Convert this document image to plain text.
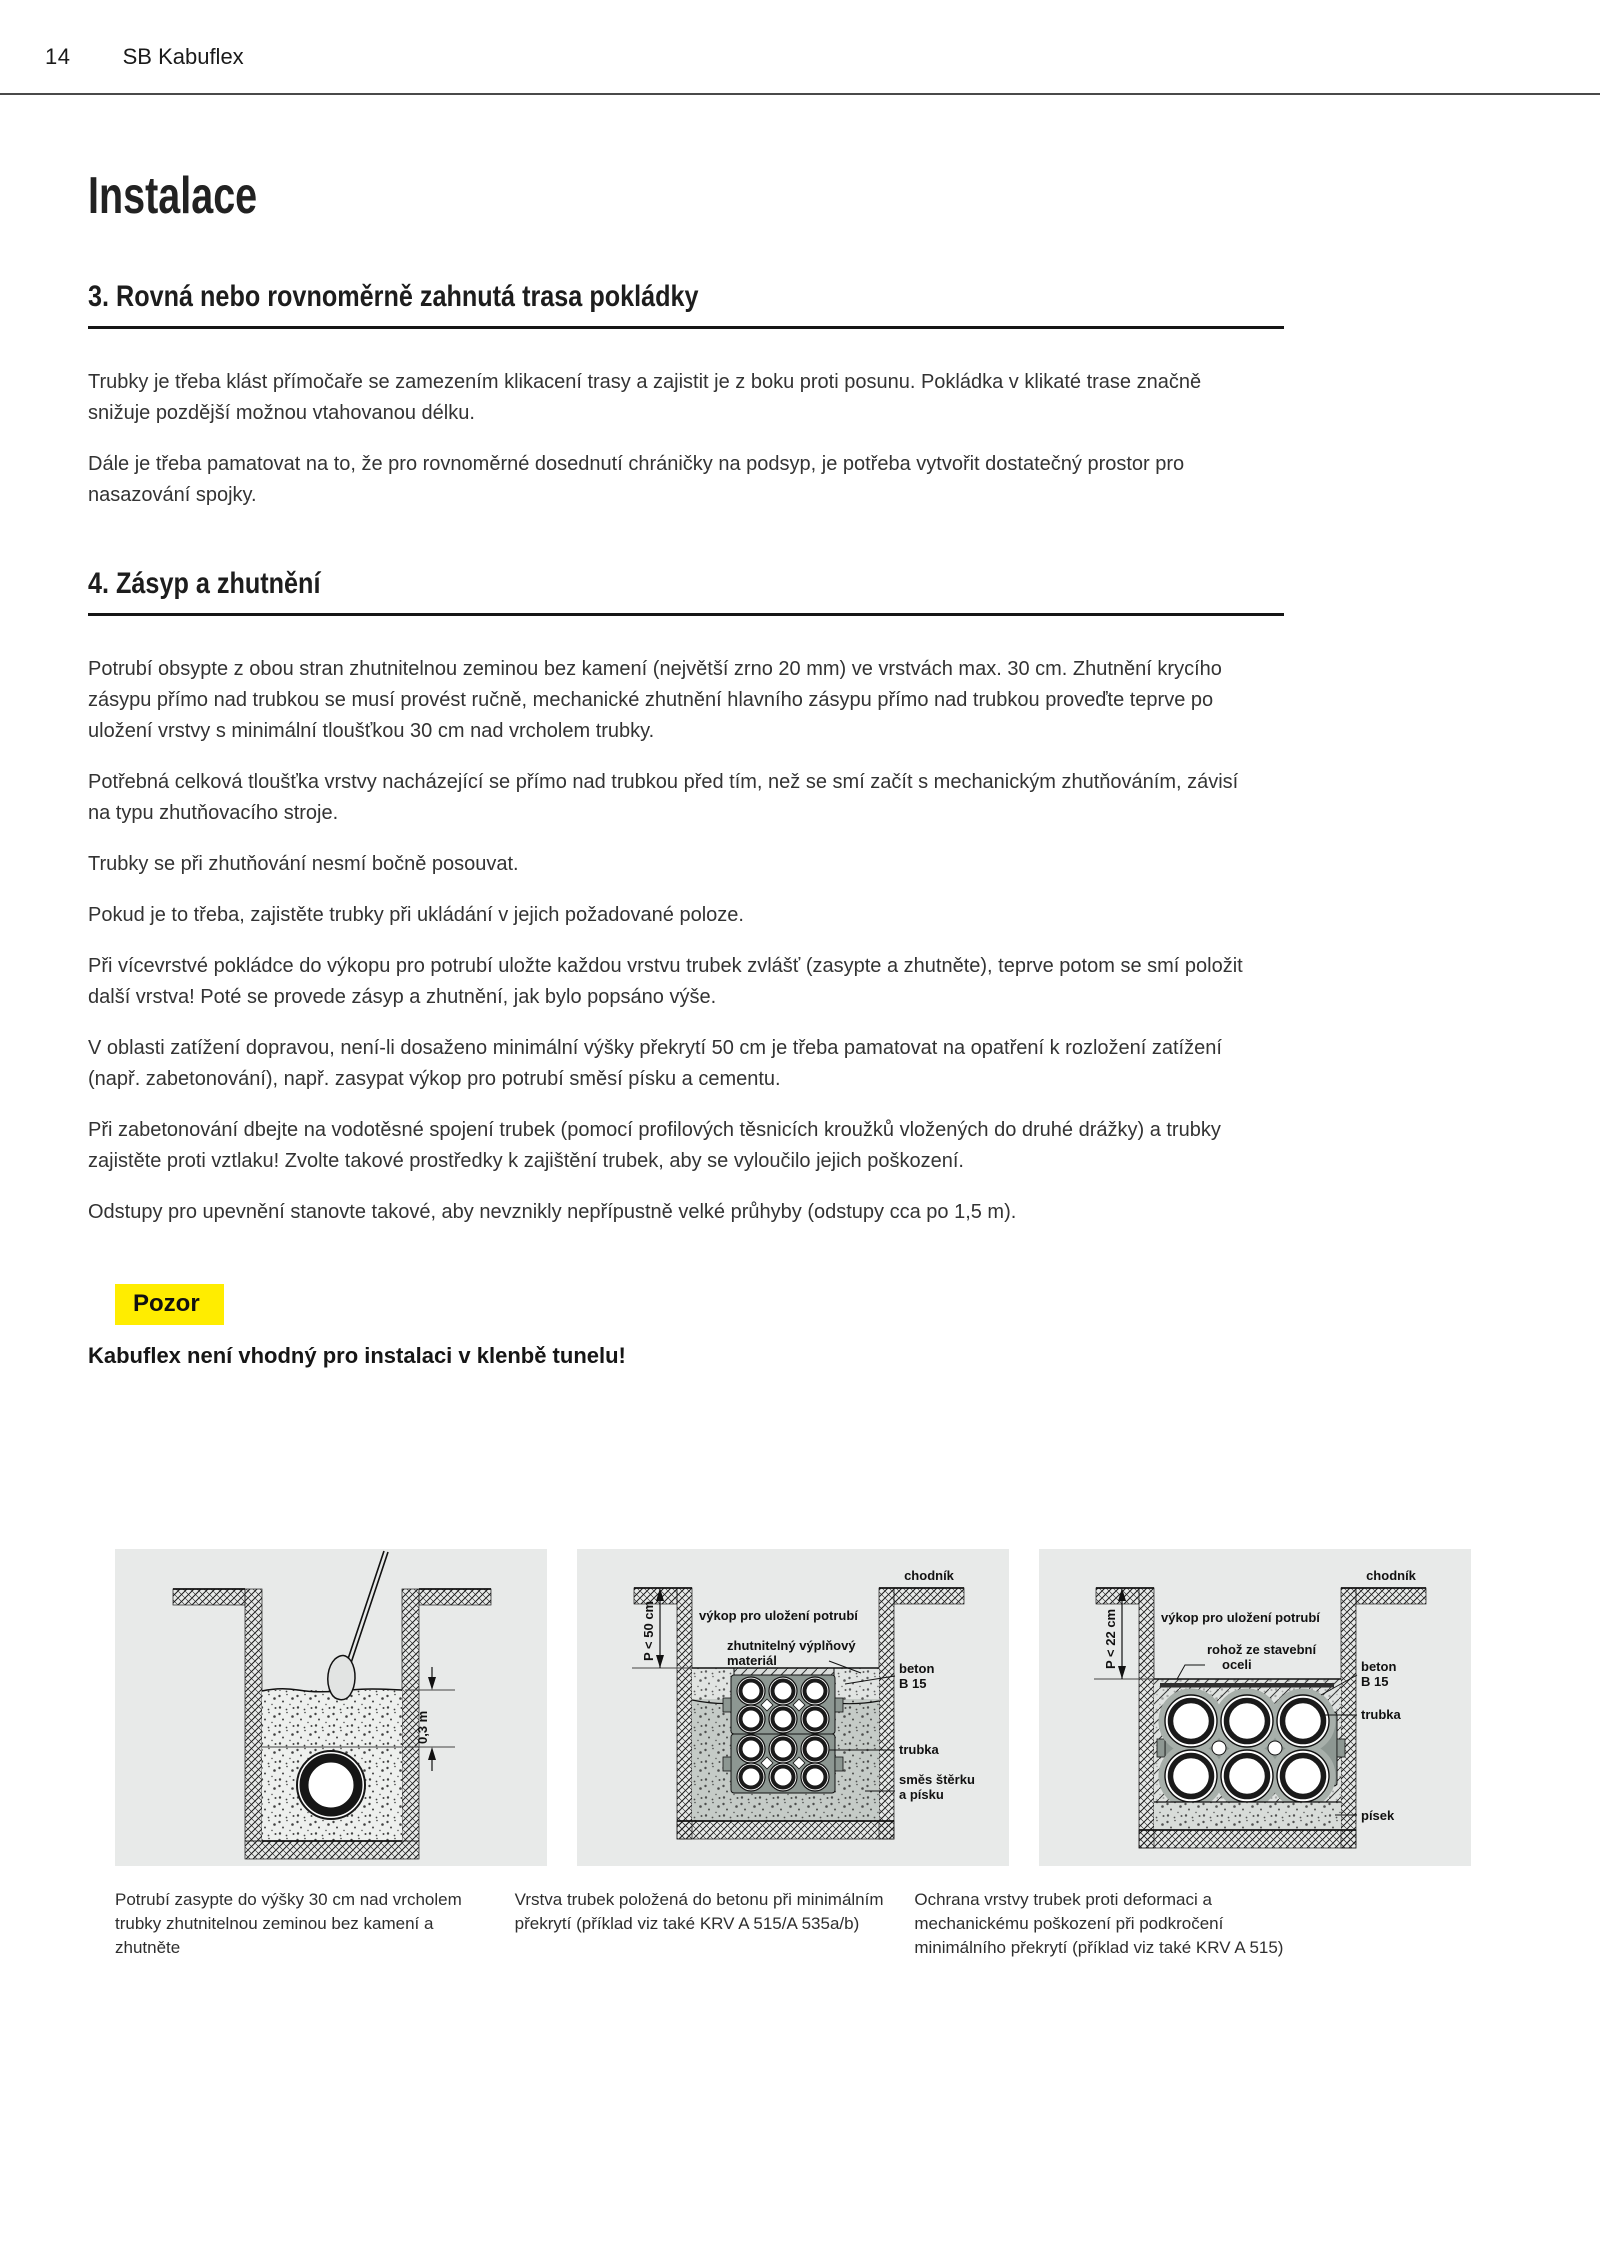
14 SB Kabuflex
Instalace
3. Rovná nebo rovnoměrně zahnutá trasa pokládky

Trubky je třeba klást přímočaře se zamezením klikacení trasy a zajistit je z boku proti posunu. Pokládka v klikaté trase značně snižuje pozdější možnou vtahovanou délku.

Dále je třeba pamatovat na to, že pro rovnoměrné dosednutí chráničky na podsyp, je potřeba vytvořit dostatečný prostor pro nasazování spojky.

4. Zásyp a zhutnění

Potrubí obsypte z obou stran zhutnitelnou zeminou bez kamení (největší zrno 20 mm) ve vrstvách max. 30 cm. Zhutnění krycího zásypu přímo nad trubkou se musí provést ručně, mechanické zhutnění hlavního zásypu přímo nad trubkou proveďte teprve po uložení vrstvy s minimální tloušťkou 30 cm nad vrcholem trubky.

Potřebná celková tloušťka vrstvy nacházející se přímo nad trubkou před tím, než se smí začít s mechanickým zhutňováním, závisí na typu zhutňovacího stroje.

Trubky se při zhutňování nesmí bočně posouvat.

Pokud je to třeba, zajistěte trubky při ukládání v jejich požadované poloze.

Při vícevrstvé pokládce do výkopu pro potrubí uložte každou vrstvu trubek zvlášť (zasypte a zhutněte), teprve potom se smí položit další vrstva! Poté se provede zásyp a zhutnění, jak bylo popsáno výše.

V oblasti zatížení dopravou, není-li dosaženo minimální výšky překrytí 50 cm je třeba pamatovat na opatření k rozložení zatížení (např. zabetonování), např. zasypat výkop pro potrubí směsí písku a cementu.

Při zabetonování dbejte na vodotěsné spojení trubek (pomocí profilových těsnicích kroužků vložených do druhé drážky) a trubky zajistěte proti vztlaku! Zvolte takové prostředky k zajištění trubek, aby se vyloučilo jejich poškození.

Odstupy pro upevnění stanovte takové, aby nevznikly nepřípustně velké průhyby (odstupy cca po 1,5 m).

Pozor

Kabuflex není vhodný pro instalaci v klenbě tunelu!

0,3 m
chodník
výkop pro uložení potrubí
zhutnitelný výplňový
materiál
beton
B 15
trubka
směs štěrku
a písku
P < 50 cm
chodník
výkop pro uložení potrubí
rohož ze stavební
oceli	beton
B 15
trubka
písek
P < 22 cm
Potrubí zasypte do výšky 30 cm nad vrcholem trubky zhutnitelnou zeminou bez kamení a zhutněte
Vrstva trubek položená do betonu při minimálním překrytí (příklad viz také KRV A 515/A 535a/b)
Ochrana vrstvy trubek proti deformaci a mechanickému poškození při podkročení minimálního překrytí (příklad viz také KRV A 515)
